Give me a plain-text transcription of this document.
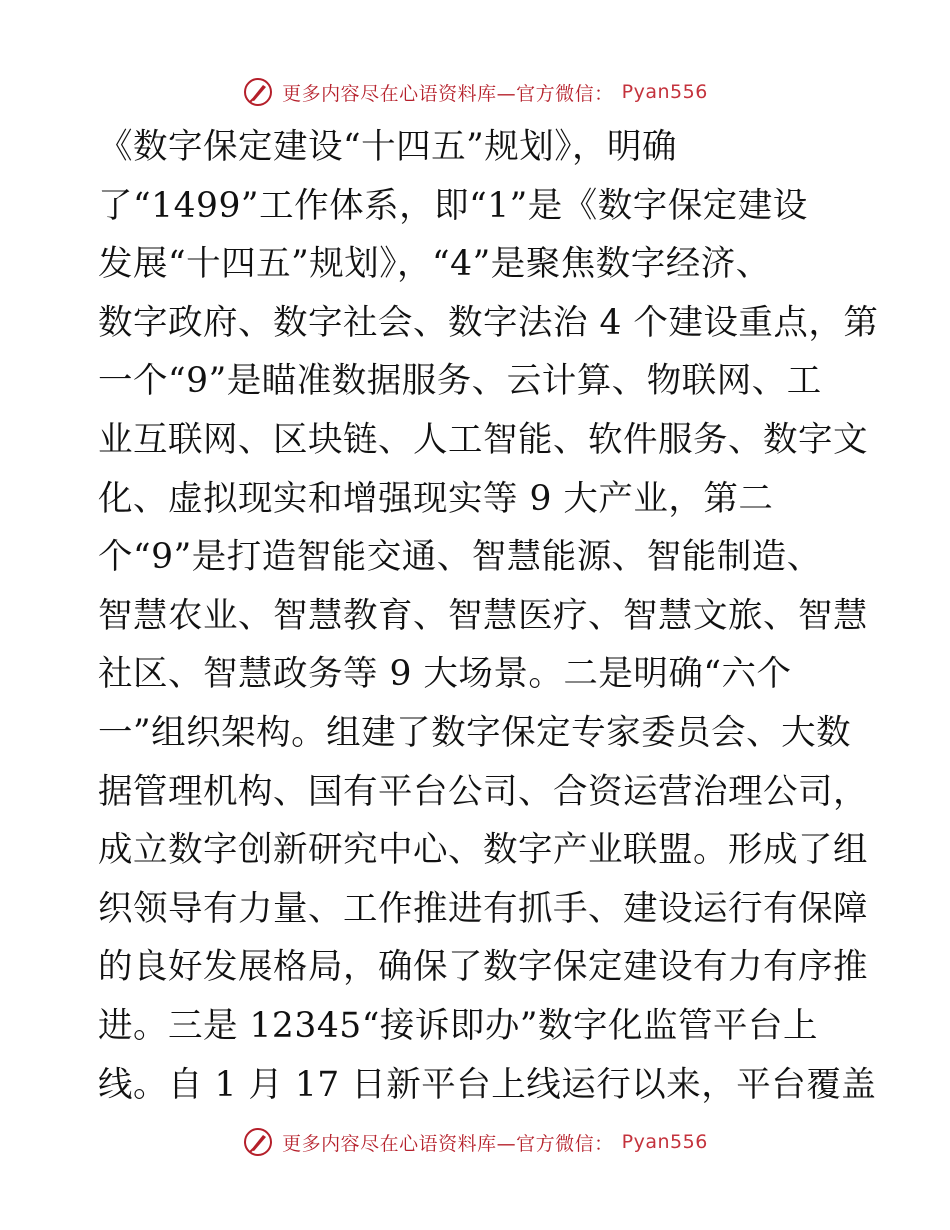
更多内容尽在心语资料库—官方微信： Pyan556
《数字保定建设“十四五”规划》，明确
了“1499”工作体系，即“1”是《数字保定建设
发展“十四五”规划》，“4”是聚焦数字经济、
数字政府、数字社会、数字法治 4 个建设重点，第
一个“9”是瞄准数据服务、云计算、物联网、工
业互联网、区块链、人工智能、软件服务、数字文
化、虚拟现实和增强现实等 9 大产业，第二
个“9”是打造智能交通、智慧能源、智能制造、
智慧农业、智慧教育、智慧医疗、智慧文旅、智慧
社区、智慧政务等 9 大场景。二是明确“六个
一”组织架构。组建了数字保定专家委员会、大数
据管理机构、国有平台公司、合资运营治理公司，
成立数字创新研究中心、数字产业联盟。形成了组
织领导有力量、工作推进有抓手、建设运行有保障
的良好发展格局，确保了数字保定建设有力有序推
进。三是 12345“接诉即办”数字化监管平台上
线。自 1 月 17 日新平台上线运行以来，平台覆盖
更多内容尽在心语资料库—官方微信： Pyan556
